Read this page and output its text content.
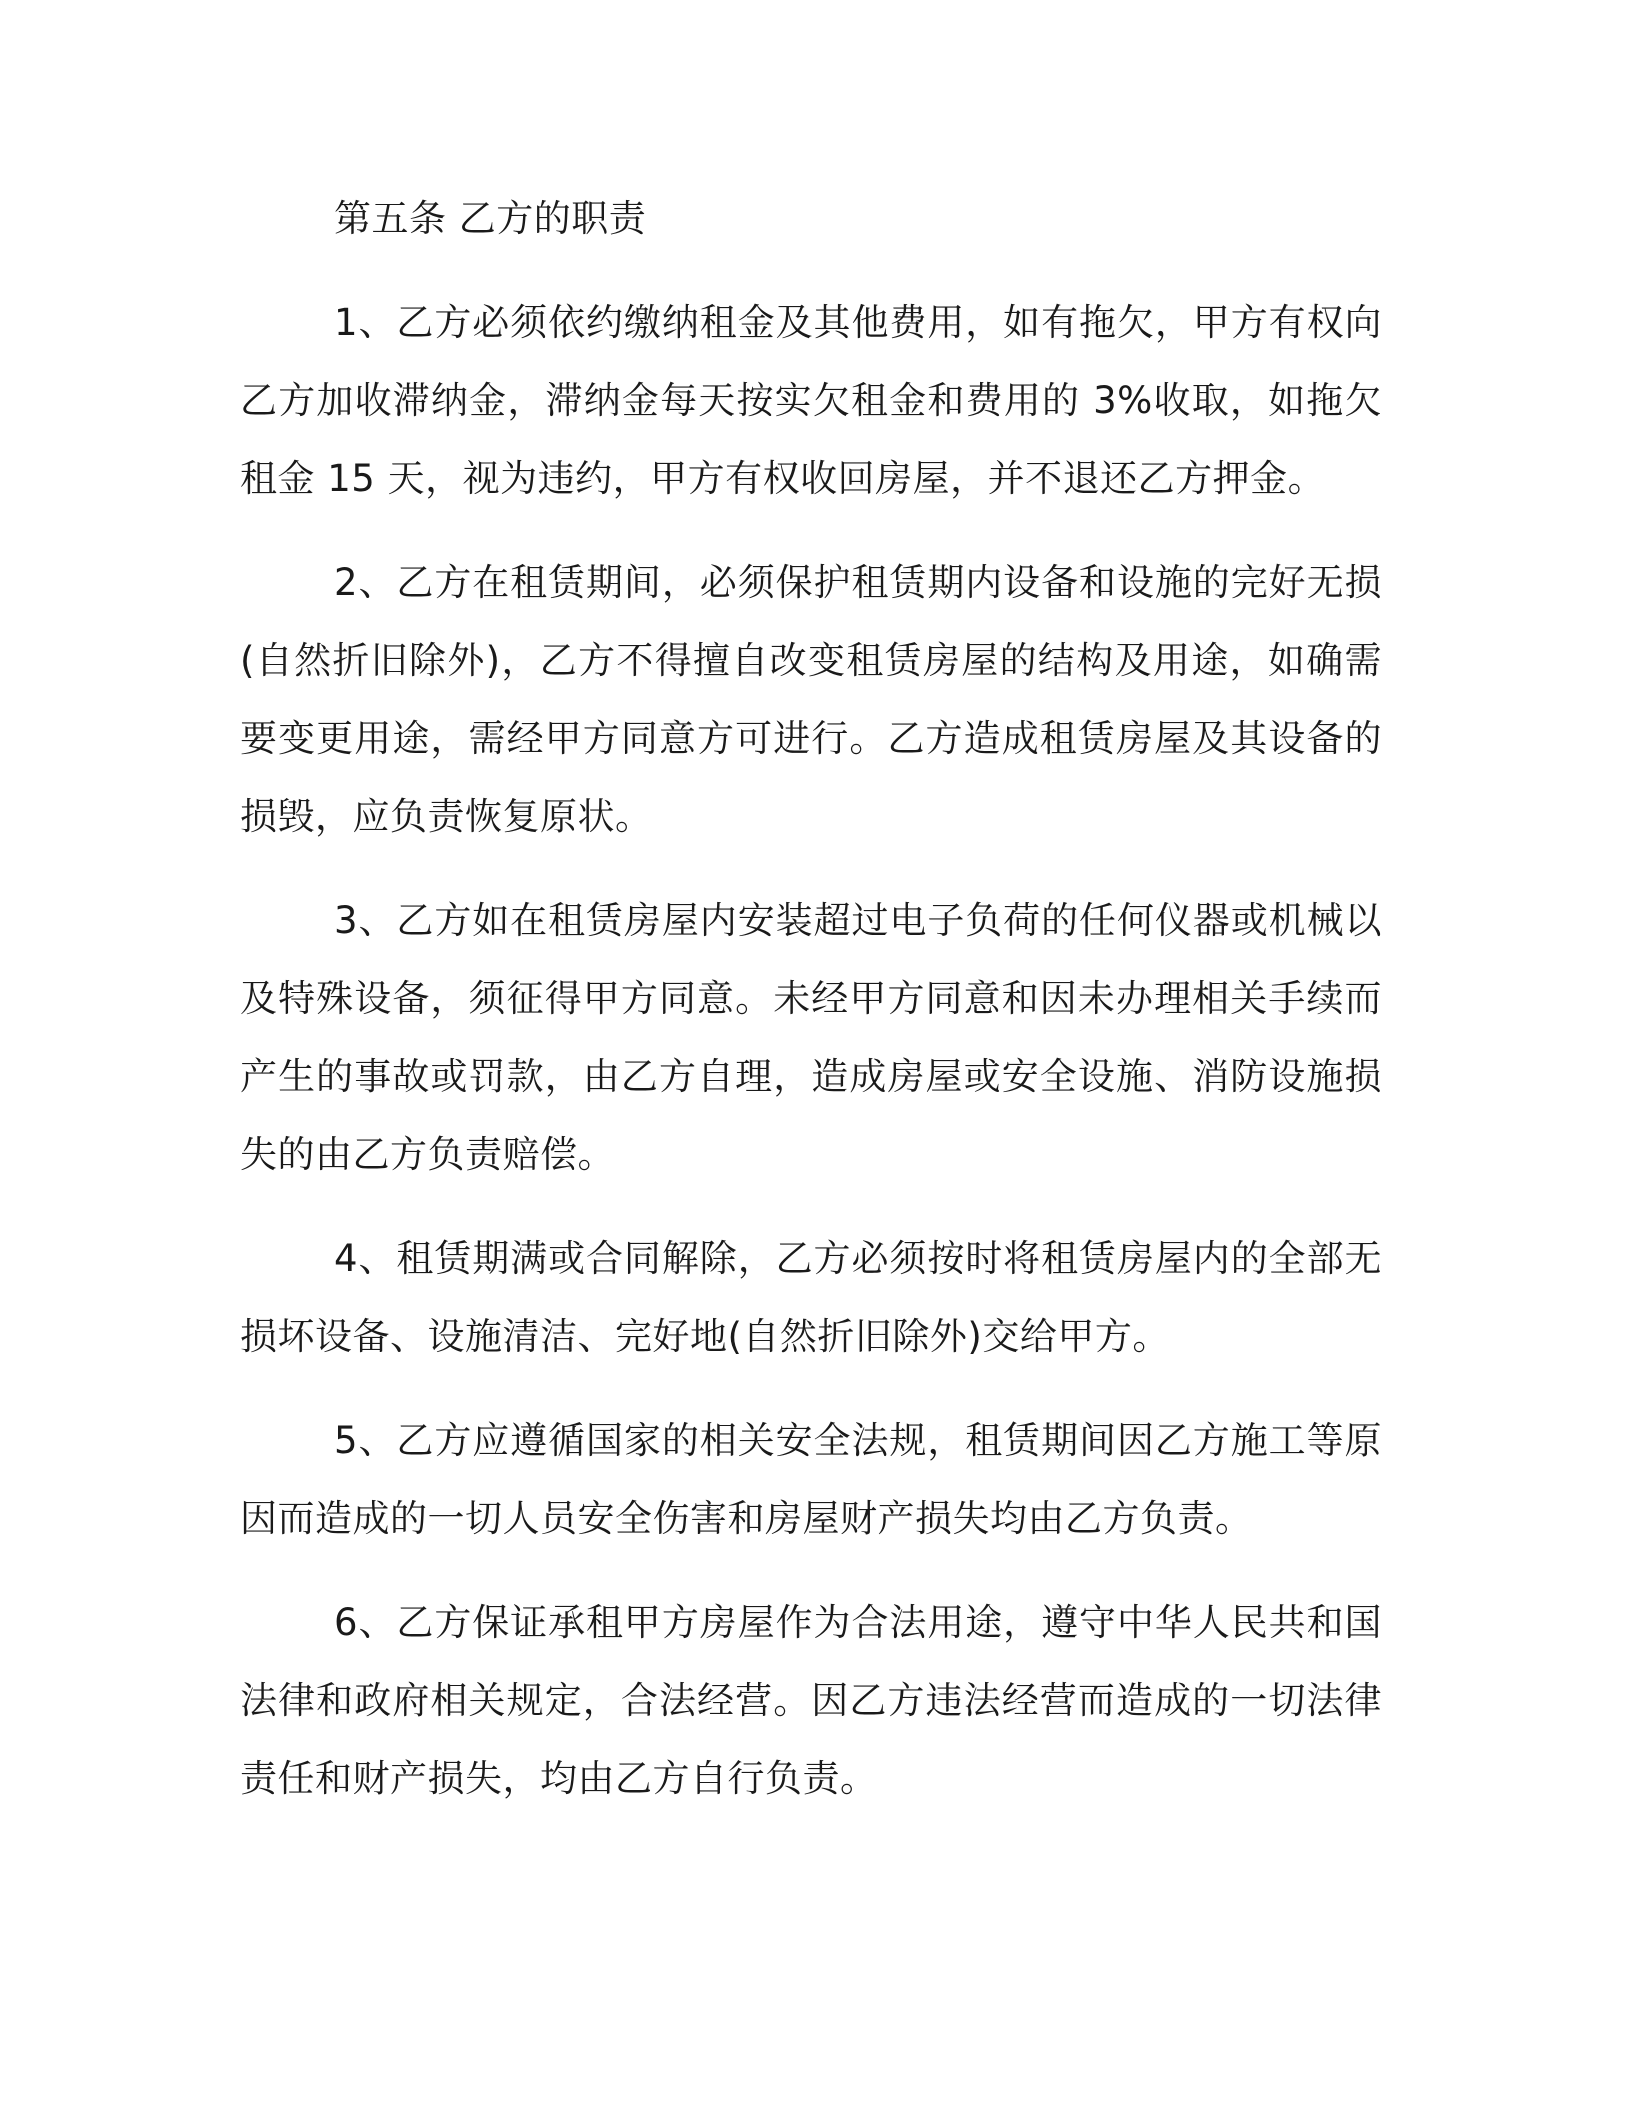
第五条 乙方的职责

1、乙方必须依约缴纳租金及其他费用，如有拖欠，甲方有权向乙方加收滞纳金，滞纳金每天按实欠租金和费用的 3%收取，如拖欠租金 15 天，视为违约，甲方有权收回房屋，并不退还乙方押金。

2、乙方在租赁期间，必须保护租赁期内设备和设施的完好无损(自然折旧除外)，乙方不得擅自改变租赁房屋的结构及用途，如确需要变更用途，需经甲方同意方可进行。乙方造成租赁房屋及其设备的损毁，应负责恢复原状。

3、乙方如在租赁房屋内安装超过电子负荷的任何仪器或机械以及特殊设备，须征得甲方同意。未经甲方同意和因未办理相关手续而产生的事故或罚款，由乙方自理，造成房屋或安全设施、消防设施损失的由乙方负责赔偿。

4、租赁期满或合同解除，乙方必须按时将租赁房屋内的全部无损坏设备、设施清洁、完好地(自然折旧除外)交给甲方。

5、乙方应遵循国家的相关安全法规，租赁期间因乙方施工等原因而造成的一切人员安全伤害和房屋财产损失均由乙方负责。

6、乙方保证承租甲方房屋作为合法用途，遵守中华人民共和国法律和政府相关规定，合法经营。因乙方违法经营而造成的一切法律责任和财产损失，均由乙方自行负责。
